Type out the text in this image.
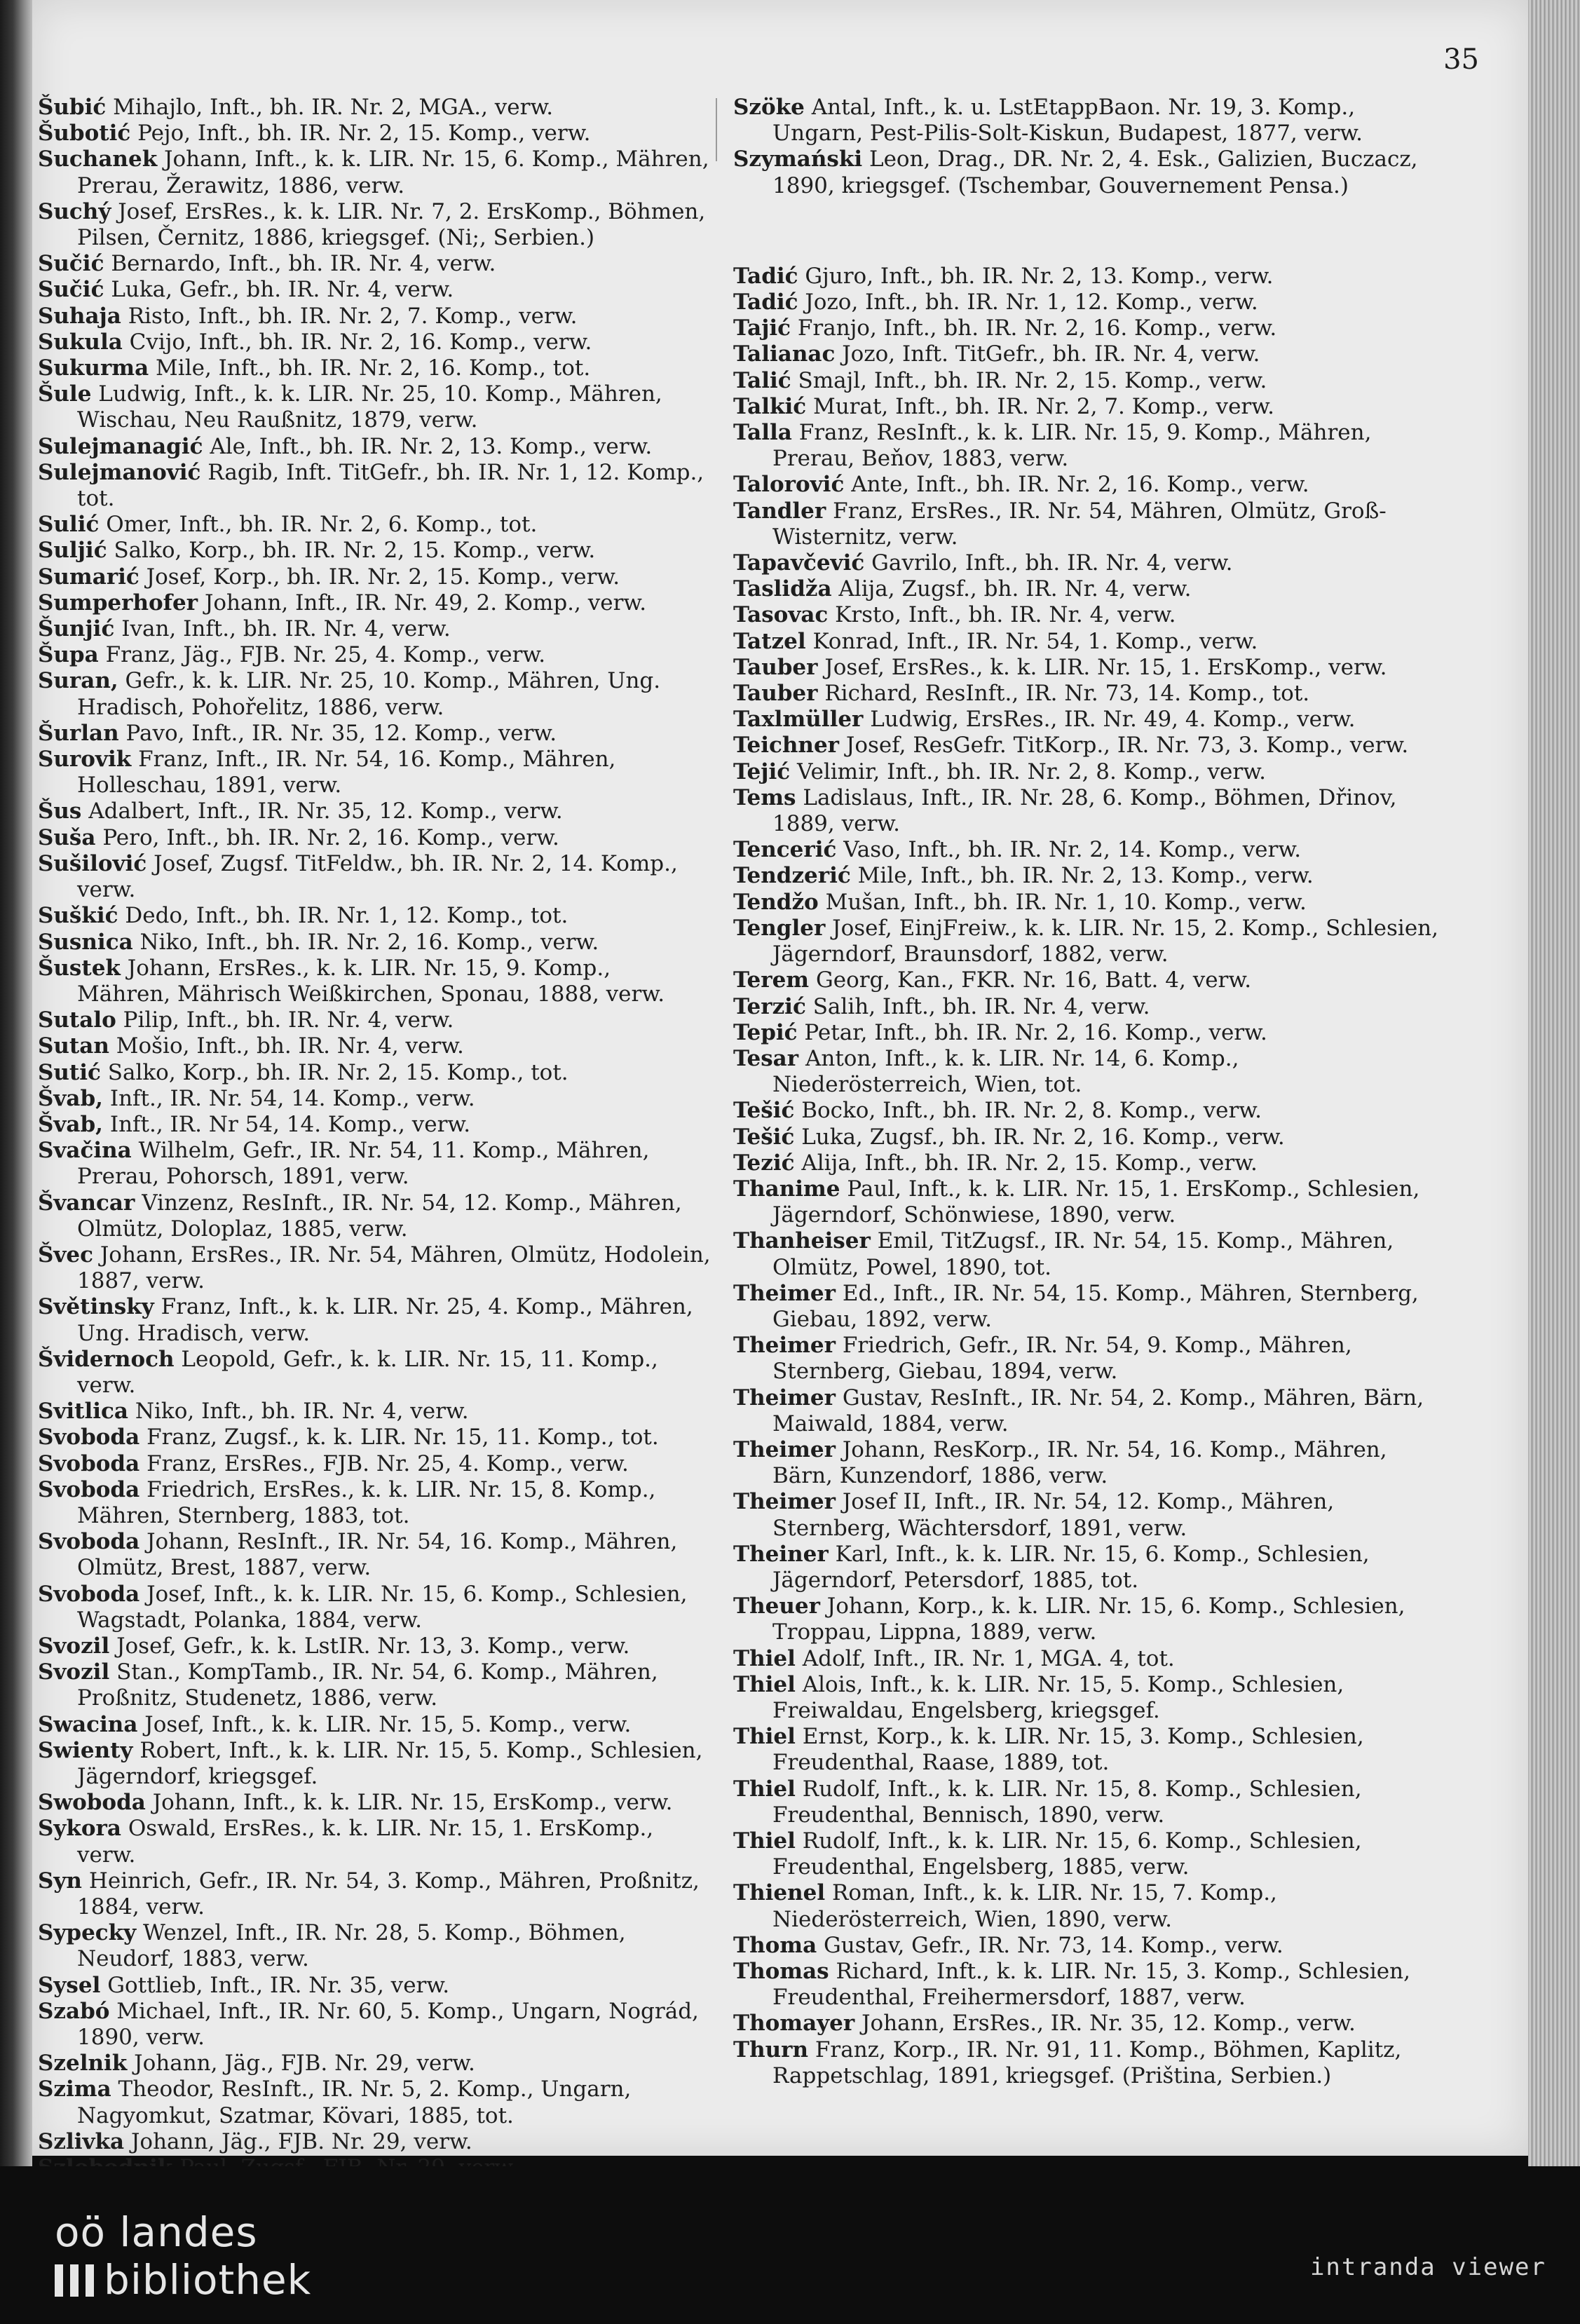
35

Šubić Mihajlo, Inft., bh. IR. Nr. 2, MGA., verw.

Šubotić Pejo, Inft., bh. IR. Nr. 2, 15. Komp., verw.

Suchanek Johann, Inft., k. k. LIR. Nr. 15, 6. Komp., Mähren, Prerau, Žerawitz, 1886, verw.

Suchý Josef, ErsRes., k. k. LIR. Nr. 7, 2. ErsKomp., Böhmen, Pilsen, Černitz, 1886, kriegsgef. (Ni;, Serbien.)

Sučić Bernardo, Inft., bh. IR. Nr. 4, verw.

Sučić Luka, Gefr., bh. IR. Nr. 4, verw.

Suhaja Risto, Inft., bh. IR. Nr. 2, 7. Komp., verw.

Sukula Cvijo, Inft., bh. IR. Nr. 2, 16. Komp., verw.

Sukurma Mile, Inft., bh. IR. Nr. 2, 16. Komp., tot.

Šule Ludwig, Inft., k. k. LIR. Nr. 25, 10. Komp., Mähren, Wischau, Neu Raußnitz, 1879, verw.

Sulejmanagić Ale, Inft., bh. IR. Nr. 2, 13. Komp., verw.

Sulejmanović Ragib, Inft. TitGefr., bh. IR. Nr. 1, 12. Komp., tot.

Sulić Omer, Inft., bh. IR. Nr. 2, 6. Komp., tot.

Suljić Salko, Korp., bh. IR. Nr. 2, 15. Komp., verw.

Sumarić Josef, Korp., bh. IR. Nr. 2, 15. Komp., verw.

Sumperhofer Johann, Inft., IR. Nr. 49, 2. Komp., verw.

Šunjić Ivan, Inft., bh. IR. Nr. 4, verw.

Šupa Franz, Jäg., FJB. Nr. 25, 4. Komp., verw.

Suran, Gefr., k. k. LIR. Nr. 25, 10. Komp., Mähren, Ung. Hradisch, Pohořelitz, 1886, verw.

Šurlan Pavo, Inft., IR. Nr. 35, 12. Komp., verw.

Surovik Franz, Inft., IR. Nr. 54, 16. Komp., Mähren, Holleschau, 1891, verw.

Šus Adalbert, Inft., IR. Nr. 35, 12. Komp., verw.

Suša Pero, Inft., bh. IR. Nr. 2, 16. Komp., verw.

Sušilović Josef, Zugsf. TitFeldw., bh. IR. Nr. 2, 14. Komp., verw.

Suškić Dedo, Inft., bh. IR. Nr. 1, 12. Komp., tot.

Susnica Niko, Inft., bh. IR. Nr. 2, 16. Komp., verw.

Šustek Johann, ErsRes., k. k. LIR. Nr. 15, 9. Komp., Mähren, Mährisch Weißkirchen, Sponau, 1888, verw.

Sutalo Pilip, Inft., bh. IR. Nr. 4, verw.

Sutan Mošio, Inft., bh. IR. Nr. 4, verw.

Sutić Salko, Korp., bh. IR. Nr. 2, 15. Komp., tot.

Švab, Inft., IR. Nr. 54, 14. Komp., verw.

Švab, Inft., IR. Nr 54, 14. Komp., verw.

Svačina Wilhelm, Gefr., IR. Nr. 54, 11. Komp., Mähren, Prerau, Pohorsch, 1891, verw.

Švancar Vinzenz, ResInft., IR. Nr. 54, 12. Komp., Mähren, Olmütz, Doloplaz, 1885, verw.

Švec Johann, ErsRes., IR. Nr. 54, Mähren, Olmütz, Hodolein, 1887, verw.

Světinsky Franz, Inft., k. k. LIR. Nr. 25, 4. Komp., Mähren, Ung. Hradisch, verw.

Švidernoch Leopold, Gefr., k. k. LIR. Nr. 15, 11. Komp., verw.

Svitlica Niko, Inft., bh. IR. Nr. 4, verw.

Svoboda Franz, Zugsf., k. k. LIR. Nr. 15, 11. Komp., tot.

Svoboda Franz, ErsRes., FJB. Nr. 25, 4. Komp., verw.

Svoboda Friedrich, ErsRes., k. k. LIR. Nr. 15, 8. Komp., Mähren, Sternberg, 1883, tot.

Svoboda Johann, ResInft., IR. Nr. 54, 16. Komp., Mähren, Olmütz, Brest, 1887, verw.

Svoboda Josef, Inft., k. k. LIR. Nr. 15, 6. Komp., Schlesien, Wagstadt, Polanka, 1884, verw.

Svozil Josef, Gefr., k. k. LstIR. Nr. 13, 3. Komp., verw.

Svozil Stan., KompTamb., IR. Nr. 54, 6. Komp., Mähren, Proßnitz, Studenetz, 1886, verw.

Swacina Josef, Inft., k. k. LIR. Nr. 15, 5. Komp., verw.

Swienty Robert, Inft., k. k. LIR. Nr. 15, 5. Komp., Schlesien, Jägerndorf, kriegsgef.

Swoboda Johann, Inft., k. k. LIR. Nr. 15, ErsKomp., verw.

Sykora Oswald, ErsRes., k. k. LIR. Nr. 15, 1. ErsKomp., verw.

Syn Heinrich, Gefr., IR. Nr. 54, 3. Komp., Mähren, Proßnitz, 1884, verw.

Sypecky Wenzel, Inft., IR. Nr. 28, 5. Komp., Böhmen, Neudorf, 1883, verw.

Sysel Gottlieb, Inft., IR. Nr. 35, verw.

Szabó Michael, Inft., IR. Nr. 60, 5. Komp., Ungarn, Nográd, 1890, verw.

Szelnik Johann, Jäg., FJB. Nr. 29, verw.

Szima Theodor, ResInft., IR. Nr. 5, 2. Komp., Ungarn, Nagyomkut, Szatmar, Kövari, 1885, tot.

Szlivka Johann, Jäg., FJB. Nr. 29, verw.

Szöke Antal, Inft., k. u. LstEtappBaon. Nr. 19, 3. Komp., Ungarn, Pest-Pilis-Solt-Kiskun, Budapest, 1877, verw.

Szymański Leon, Drag., DR. Nr. 2, 4. Esk., Galizien, Buczacz, 1890, kriegsgef. (Tschembar, Gouvernement Pensa.)

Tadić Gjuro, Inft., bh. IR. Nr. 2, 13. Komp., verw.

Tadić Jozo, Inft., bh. IR. Nr. 1, 12. Komp., verw.

Tajić Franjo, Inft., bh. IR. Nr. 2, 16. Komp., verw.

Talianac Jozo, Inft. TitGefr., bh. IR. Nr. 4, verw.

Talić Smajl, Inft., bh. IR. Nr. 2, 15. Komp., verw.

Talkić Murat, Inft., bh. IR. Nr. 2, 7. Komp., verw.

Talla Franz, ResInft., k. k. LIR. Nr. 15, 9. Komp., Mähren, Prerau, Beňov, 1883, verw.

Talorović Ante, Inft., bh. IR. Nr. 2, 16. Komp., verw.

Tandler Franz, ErsRes., IR. Nr. 54, Mähren, Olmütz, Groß-Wisternitz, verw.

Tapavčević Gavrilo, Inft., bh. IR. Nr. 4, verw.

Taslidža Alija, Zugsf., bh. IR. Nr. 4, verw.

Tasovac Krsto, Inft., bh. IR. Nr. 4, verw.

Tatzel Konrad, Inft., IR. Nr. 54, 1. Komp., verw.

Tauber Josef, ErsRes., k. k. LIR. Nr. 15, 1. ErsKomp., verw.

Tauber Richard, ResInft., IR. Nr. 73, 14. Komp., tot.

Taxlmüller Ludwig, ErsRes., IR. Nr. 49, 4. Komp., verw.

Teichner Josef, ResGefr. TitKorp., IR. Nr. 73, 3. Komp., verw.

Tejić Velimir, Inft., bh. IR. Nr. 2, 8. Komp., verw.

Tems Ladislaus, Inft., IR. Nr. 28, 6. Komp., Böhmen, Dřinov, 1889, verw.

Tencerić Vaso, Inft., bh. IR. Nr. 2, 14. Komp., verw.

Tendzerić Mile, Inft., bh. IR. Nr. 2, 13. Komp., verw.

Tendžo Mušan, Inft., bh. IR. Nr. 1, 10. Komp., verw.

Tengler Josef, EinjFreiw., k. k. LIR. Nr. 15, 2. Komp., Schlesien, Jägerndorf, Braunsdorf, 1882, verw.

Terem Georg, Kan., FKR. Nr. 16, Batt. 4, verw.

Terzić Salih, Inft., bh. IR. Nr. 4, verw.

Tepić Petar, Inft., bh. IR. Nr. 2, 16. Komp., verw.

Tesar Anton, Inft., k. k. LIR. Nr. 14, 6. Komp., Niederösterreich, Wien, tot.

Tešić Bocko, Inft., bh. IR. Nr. 2, 8. Komp., verw.

Tešić Luka, Zugsf., bh. IR. Nr. 2, 16. Komp., verw.

Tezić Alija, Inft., bh. IR. Nr. 2, 15. Komp., verw.

Thanime Paul, Inft., k. k. LIR. Nr. 15, 1. ErsKomp., Schlesien, Jägerndorf, Schönwiese, 1890, verw.

Thanheiser Emil, TitZugsf., IR. Nr. 54, 15. Komp., Mähren, Olmütz, Powel, 1890, tot.

Theimer Ed., Inft., IR. Nr. 54, 15. Komp., Mähren, Sternberg, Giebau, 1892, verw.

Theimer Friedrich, Gefr., IR. Nr. 54, 9. Komp., Mähren, Sternberg, Giebau, 1894, verw.

Theimer Gustav, ResInft., IR. Nr. 54, 2. Komp., Mähren, Bärn, Maiwald, 1884, verw.

Theimer Johann, ResKorp., IR. Nr. 54, 16. Komp., Mähren, Bärn, Kunzendorf, 1886, verw.

Theimer Josef II, Inft., IR. Nr. 54, 12. Komp., Mähren, Sternberg, Wächtersdorf, 1891, verw.

Theiner Karl, Inft., k. k. LIR. Nr. 15, 6. Komp., Schlesien, Jägerndorf, Petersdorf, 1885, tot.

Theuer Johann, Korp., k. k. LIR. Nr. 15, 6. Komp., Schlesien, Troppau, Lippna, 1889, verw.

Thiel Adolf, Inft., IR. Nr. 1, MGA. 4, tot.

Thiel Alois, Inft., k. k. LIR. Nr. 15, 5. Komp., Schlesien, Freiwaldau, Engelsberg, kriegsgef.

Thiel Ernst, Korp., k. k. LIR. Nr. 15, 3. Komp., Schlesien, Freudenthal, Raase, 1889, tot.

Thiel Rudolf, Inft., k. k. LIR. Nr. 15, 8. Komp., Schlesien, Freudenthal, Bennisch, 1890, verw.

Thiel Rudolf, Inft., k. k. LIR. Nr. 15, 6. Komp., Schlesien, Freudenthal, Engelsberg, 1885, verw.

Thienel Roman, Inft., k. k. LIR. Nr. 15, 7. Komp., Niederösterreich, Wien, 1890, verw.

Thoma Gustav, Gefr., IR. Nr. 73, 14. Komp., verw.

Thomas Richard, Inft., k. k. LIR. Nr. 15, 3. Komp., Schlesien, Freudenthal, Freihermersdorf, 1887, verw.

Thomayer Johann, ErsRes., IR. Nr. 35, 12. Komp., verw.

Thurn Franz, Korp., IR. Nr. 91, 11. Komp., Böhmen, Kaplitz, Rappetschlag, 1891, kriegsgef. (Priština, Serbien.)

oö landes
bibliothek	intranda viewer
